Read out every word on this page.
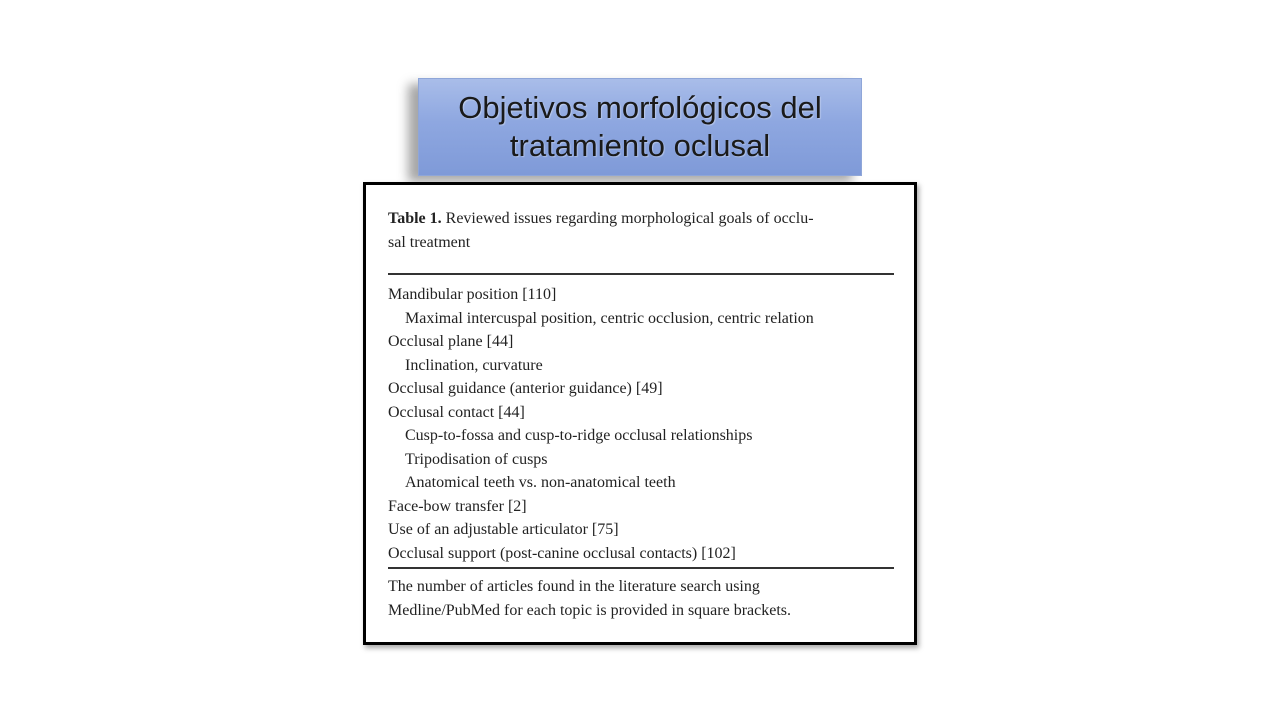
Objetivos morfológicos del
tratamiento oclusal

Table 1. Reviewed issues regarding morphological goals of occlu-
sal treatment

Mandibular position [110]
Maximal intercuspal position, centric occlusion, centric relation
Occlusal plane [44]
Inclination, curvature
Occlusal guidance (anterior guidance) [49]
Occlusal contact [44]
Cusp-to-fossa and cusp-to-ridge occlusal relationships
Tripodisation of cusps
Anatomical teeth vs. non-anatomical teeth
Face-bow transfer [2]
Use of an adjustable articulator [75]
Occlusal support (post-canine occlusal contacts) [102]
The number of articles found in the literature search using
Medline/PubMed for each topic is provided in square brackets.
